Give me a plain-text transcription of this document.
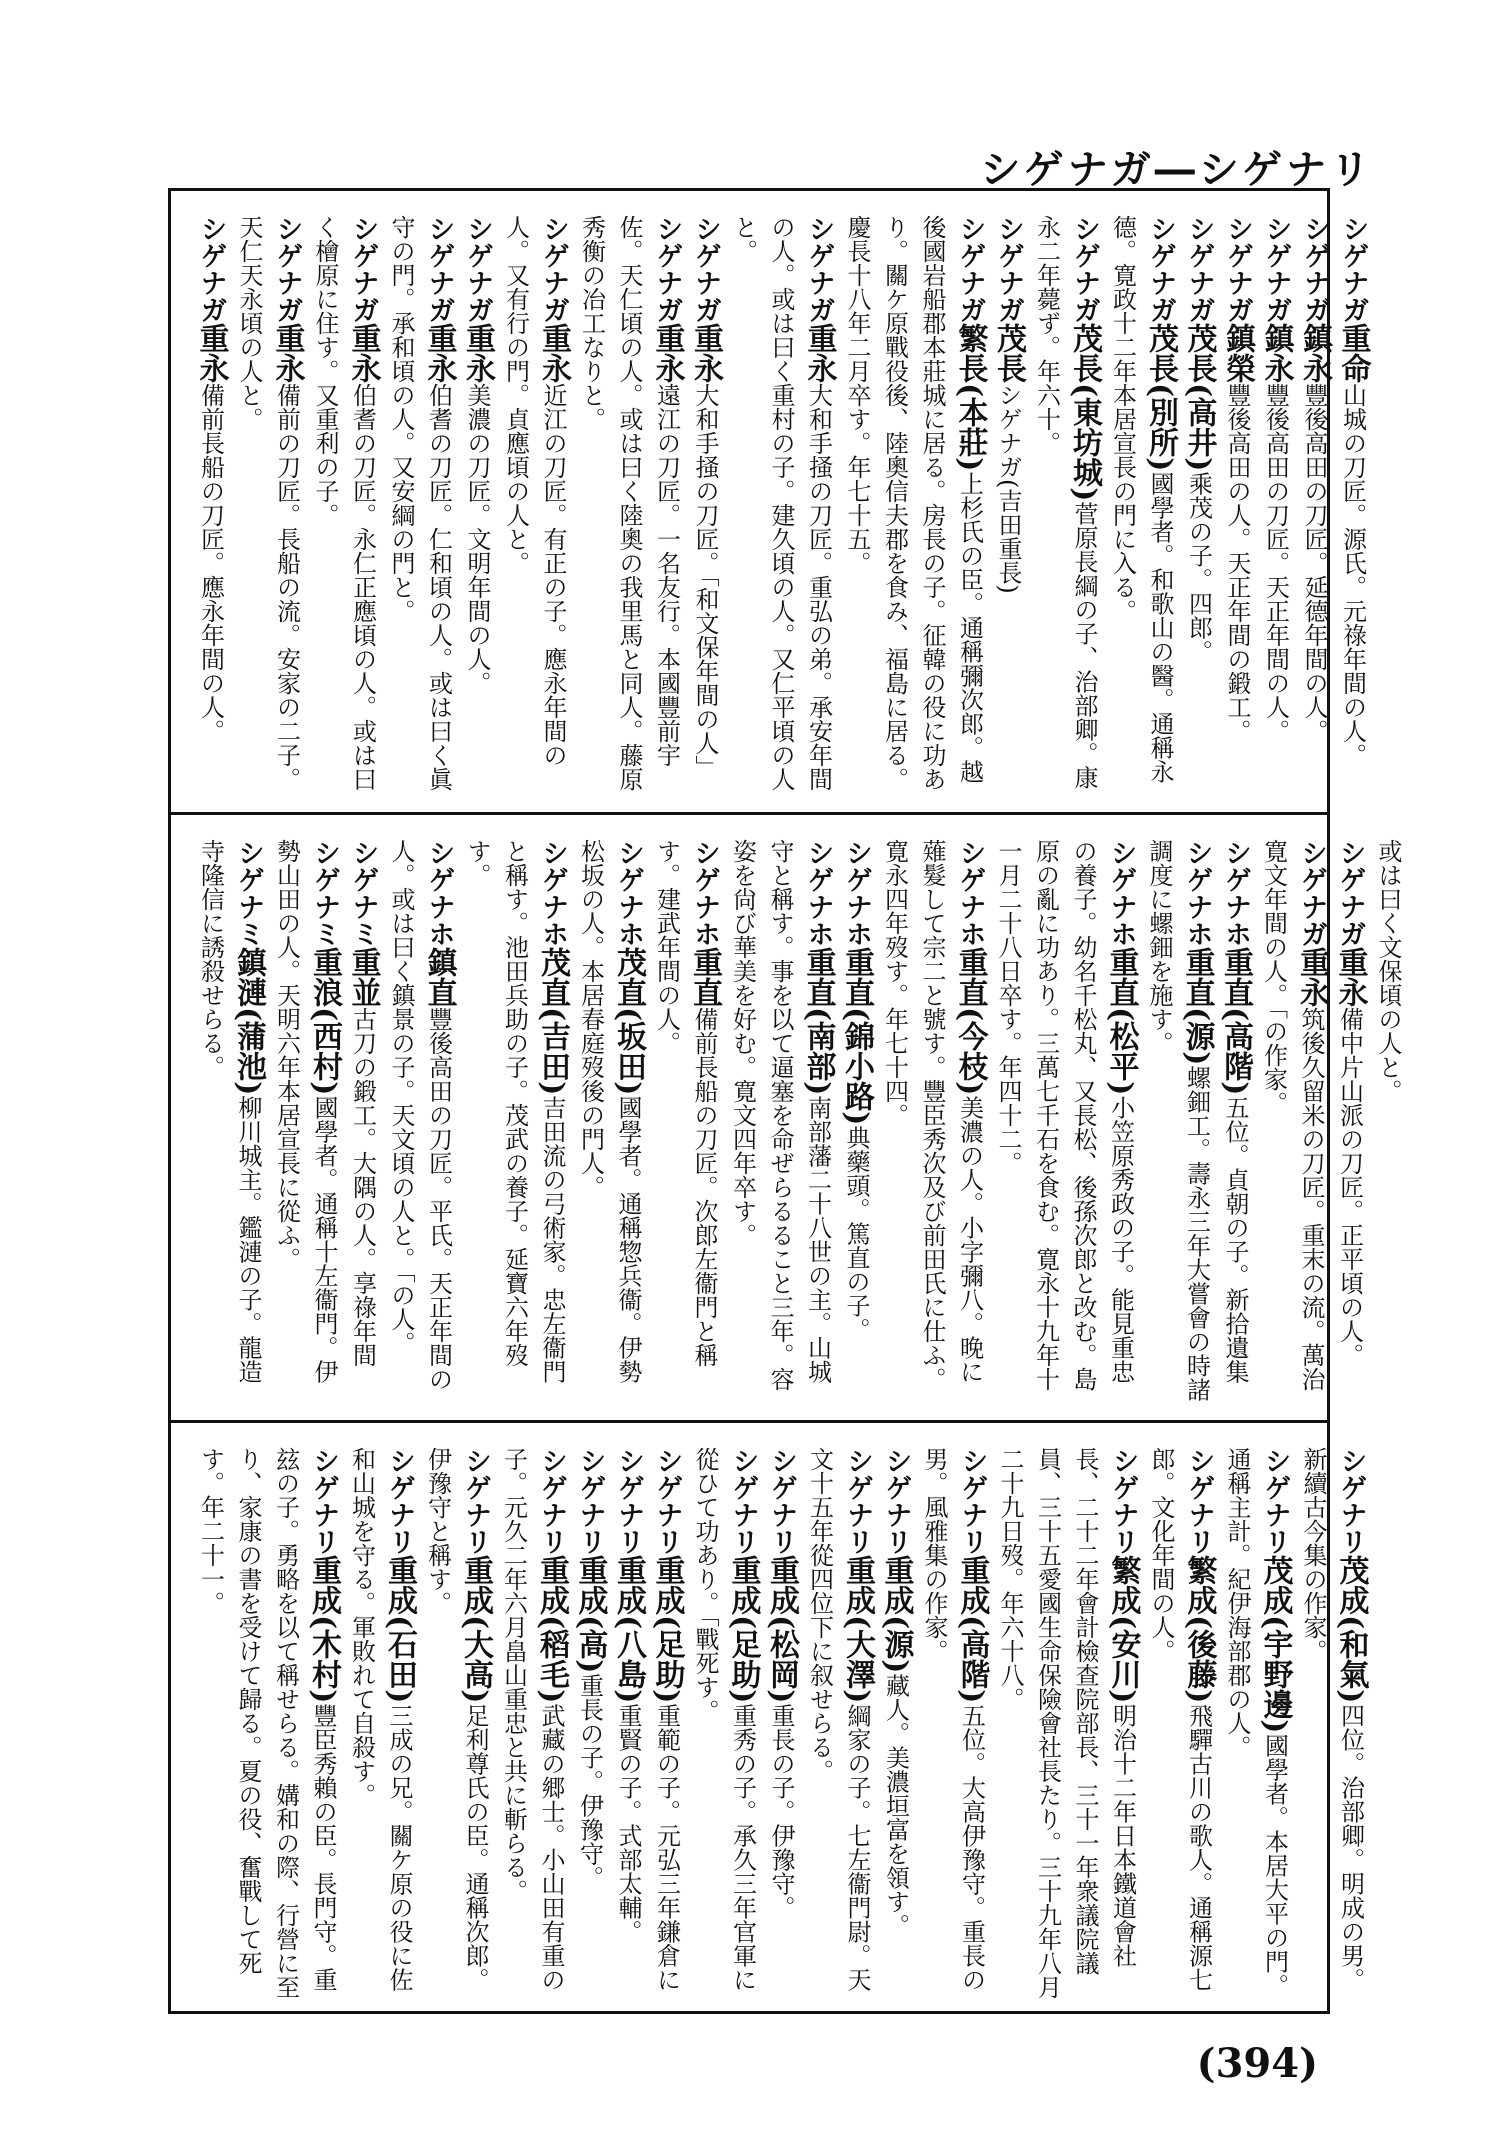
シゲナガ―シゲナリ
シゲナガ重命山城の刀匠。源氏。元祿年間の人。
シゲナガ鎮永豐後高田の刀匠。延德年間の人。
シゲナガ鎮永豐後高田の刀匠。天正年間の人。
シゲナガ鎮榮豐後高田の人。天正年間の鍛工。
シゲナガ茂長(高井)乘茂の子。四郎。
シゲナガ茂長(別所)國學者。和歌山の醫。通稱永德。寛政十二年本居宣長の門に入る。
シゲナガ茂長(東坊城)菅原長綱の子、治部卿。康永二年薨ず。年六十。
シゲナガ茂長シゲナガ(吉田重長)
シゲナガ繁長(本莊)上杉氏の臣。通稱彌次郎。越後國岩船郡本莊城に居る。房長の子。征韓の役に功あり。關ケ原戰役後、陸奧信夫郡を食み、福島に居る。慶長十八年二月卒す。年七十五。
シゲナガ重永大和手掻の刀匠。重弘の弟。承安年間の人。或は曰く重村の子。建久頃の人。又仁平頃の人と。
シゲナガ重永大和手掻の刀匠。「和文保年間の人」
シゲナガ重永遠江の刀匠。一名友行。本國豐前宇佐。天仁頃の人。或は曰く陸奧の我里馬と同人。藤原秀衡の冶工なりと。
シゲナガ重永近江の刀匠。有正の子。應永年間の人。又有行の門。貞應頃の人と。
シゲナガ重永美濃の刀匠。文明年間の人。
シゲナガ重永伯耆の刀匠。仁和頃の人。或は曰く眞守の門。承和頃の人。又安綱の門と。
シゲナガ重永伯耆の刀匠。永仁正應頃の人。或は曰く檜原に住す。又重利の子。
シゲナガ重永備前の刀匠。長船の流。安家の二子。天仁天永頃の人と。
シゲナガ重永備前長船の刀匠。應永年間の人。
或は曰く文保頃の人と。
シゲナガ重永備中片山派の刀匠。正平頃の人。
シゲナガ重永筑後久留米の刀匠。重末の流。萬治寛文年間の人。「の作家。
シゲナホ重直(高階)五位。貞朝の子。新拾遺集
シゲナホ重直(源)螺鈿工。壽永三年大嘗會の時諸調度に螺鈿を施す。
シゲナホ重直(松平)小笠原秀政の子。能見重忠の養子。幼名千松丸、又長松、後孫次郎と改む。島原の亂に功あり。三萬七千石を食む。寛永十九年十一月二十八日卒す。年四十二。
シゲナホ重直(今枝)美濃の人。小字彌八。晚に薙髮して宗二と號す。豐臣秀次及び前田氏に仕ふ。寛永四年歿す。年七十四。
シゲナホ重直(錦小路)典藥頭。篤直の子。
シゲナホ重直(南部)南部藩二十八世の主。山城守と稱す。事を以て逼塞を命ぜらるること三年。容姿を尙び華美を好む。寛文四年卒す。
シゲナホ重直備前長船の刀匠。次郎左衞門と稱す。建武年間の人。
シゲナホ茂直(坂田)國學者。通稱惣兵衞。伊勢松坂の人。本居春庭歿後の門人。
シゲナホ茂直(吉田)吉田流の弓術家。忠左衞門と稱す。池田兵助の子。茂武の養子。延寶六年歿す。
シゲナホ鎮直豐後高田の刀匠。平氏。天正年間の人。或は曰く鎮景の子。天文頃の人と。「の人。
シゲナミ重並古刀の鍛工。大隅の人。享祿年間
シゲナミ重浪(西村)國學者。通稱十左衞門。伊勢山田の人。天明六年本居宣長に從ふ。
シゲナミ鎮漣(蒲池)柳川城主。鑑漣の子。龍造寺隆信に誘殺せらる。
シゲナリ茂成(和氣)四位。治部卿。明成の男。新續古今集の作家。
シゲナリ茂成(宇野邊)國學者。本居大平の門。通稱主計。紀伊海部郡の人。
シゲナリ繁成(後藤)飛驒古川の歌人。通稱源七郎。文化年間の人。
シゲナリ繁成(安川)明治十二年日本鐵道會社長、二十二年會計檢查院部長、三十一年衆議院議員、三十五愛國生命保險會社長たり。三十九年八月二十九日歿。年六十八。
シゲナリ重成(高階)五位。大高伊豫守。重長の男。風雅集の作家。
シゲナリ重成(源)藏人。美濃垣富を領す。
シゲナリ重成(大澤)綱家の子。七左衞門尉。天文十五年從四位下に叙せらる。
シゲナリ重成(松岡)重長の子。伊豫守。
シゲナリ重成(足助)重秀の子。承久三年官軍に從ひて功あり。「戰死す。
シゲナリ重成(足助)重範の子。元弘三年鎌倉に
シゲナリ重成(八島)重賢の子。式部太輔。
シゲナリ重成(高)重長の子。伊豫守。
シゲナリ重成(稻毛)武藏の郷士。小山田有重の子。元久二年六月畠山重忠と共に斬らる。
シゲナリ重成(大高)足利尊氏の臣。通稱次郎。伊豫守と稱す。
シゲナリ重成(石田)三成の兄。關ケ原の役に佐和山城を守る。軍敗れて自殺す。
シゲナリ重成(木村)豐臣秀賴の臣。長門守。重玆の子。勇略を以て稱せらる。媾和の際、行營に至り、家康の書を受けて歸る。夏の役、奮戰して死す。年二十一。
(394)
